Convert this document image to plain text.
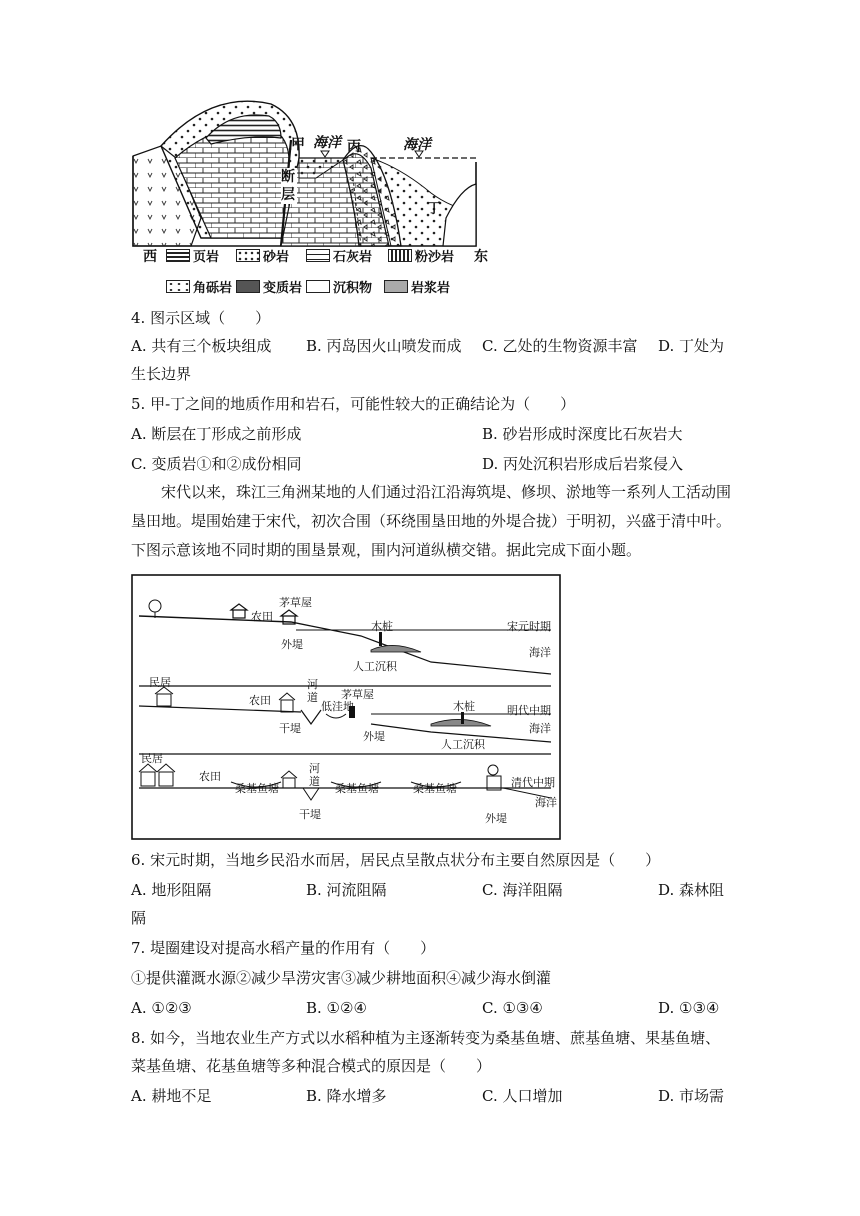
甲 海洋 丙	海洋
断层
丁
西	东
页岩	砂岩	石灰岩	粉沙岩
角砾岩 变质岩 沉积物	岩浆岩
4. 图示区域（　　）
A. 共有三个板块组成 B. 丙岛因火山喷发而成 C. 乙处的生物资源丰富 D. 丁处为
生长边界
5. 甲-丁之间的地质作用和岩石，可能性较大的正确结论为（　　）
A. 断层在丁形成之前形成	B. 砂岩形成时深度比石灰岩大
C. 变质岩①和②成份相同	D. 丙处沉积岩形成后岩浆侵入
宋代以来，珠江三角洲某地的人们通过沿江沿海筑堤、修坝、淤地等一系列人工活动围垦田地。堤围始建于宋代，初次合围（环绕围垦田地的外堤合拢）于明初，兴盛于清中叶。下图示意该地不同时期的围垦景观，围内河道纵横交错。据此完成下面小题。
茅草屋
农田
木桩	宋元时期
外堤
海洋
人工沉积
民居
农田
河道 茅草屋
低洼地	木桩	明代中期
海洋
干堤
外堤
人工沉积
民居
农田
桑基鱼塘
河道
桑基鱼塘	桑基鱼塘	清代中期
海洋
干堤	外堤
6. 宋元时期，当地乡民沿水而居，居民点呈散点状分布主要自然原因是（　　）
A. 地形阻隔	B. 河流阻隔	C. 海洋阻隔	D. 森林阻
隔
7. 堤圈建设对提高水稻产量的作用有（　　）
①提供灌溉水源②减少旱涝灾害③减少耕地面积④减少海水倒灌
A. ①②③	B. ①②④	C. ①③④	D. ①③④
8. 如今，当地农业生产方式以水稻种植为主逐渐转变为桑基鱼塘、蔗基鱼塘、果基鱼塘、
菜基鱼塘、花基鱼塘等多种混合模式的原因是（　　）
A. 耕地不足	B. 降水增多	C. 人口增加	D. 市场需
